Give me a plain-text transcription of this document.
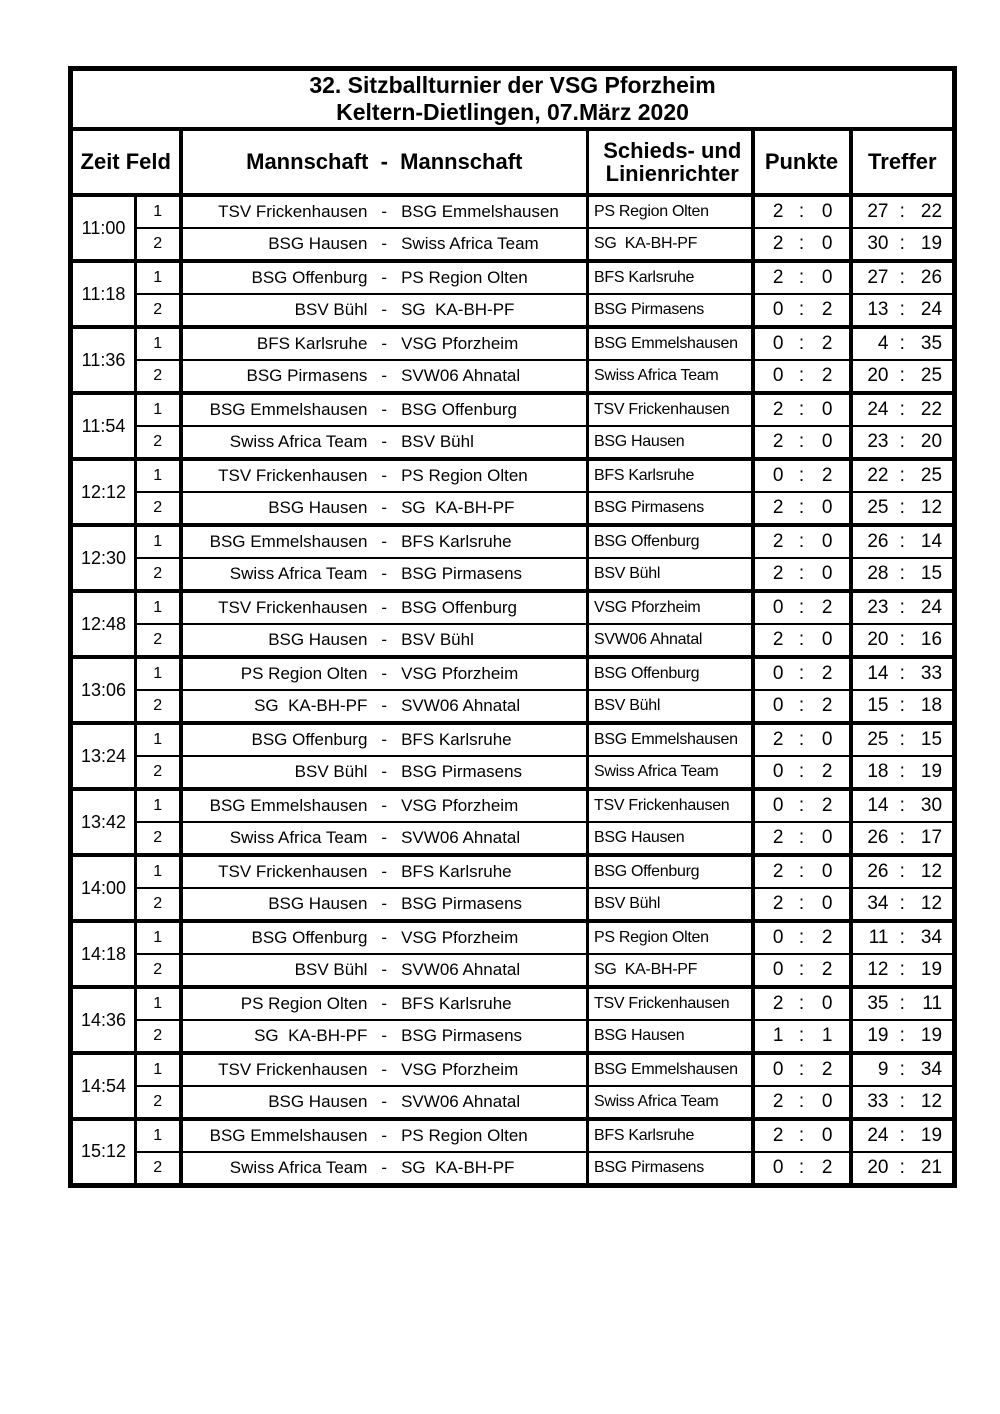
32. Sitzballturnier der VSG Pforzheim
Keltern-Dietlingen, 07.März 2020					
Zeit Feld		Mannschaft  -  Mannschaft	Schieds- und
Linienrichter	Punkte	Treffer
11:00	1	TSV Frickenhausen - BSG Emmelshausen	PS Region Olten	2 : 0	27 : 22

	2	BSG Hausen - Swiss Africa Team	SG  KA-BH-PF	2 : 0	30 : 19

11:18	1	BSG Offenburg - PS Region Olten	BFS Karlsruhe	2 : 0	27 : 26

	2	BSV Bühl - SG  KA-BH-PF	BSG Pirmasens	0 : 2	13 : 24

11:36	1	BFS Karlsruhe - VSG Pforzheim	BSG Emmelshausen	0 : 2	4 : 35

	2	BSG Pirmasens - SVW06 Ahnatal	Swiss Africa Team	0 : 2	20 : 25

11:54	1	BSG Emmelshausen - BSG Offenburg	TSV Frickenhausen	2 : 0	24 : 22

	2	Swiss Africa Team - BSV Bühl	BSG Hausen	2 : 0	23 : 20

12:12	1	TSV Frickenhausen - PS Region Olten	BFS Karlsruhe	0 : 2	22 : 25

	2	BSG Hausen - SG  KA-BH-PF	BSG Pirmasens	2 : 0	25 : 12

12:30	1	BSG Emmelshausen - BFS Karlsruhe	BSG Offenburg	2 : 0	26 : 14

	2	Swiss Africa Team - BSG Pirmasens	BSV Bühl	2 : 0	28 : 15

12:48	1	TSV Frickenhausen - BSG Offenburg	VSG Pforzheim	0 : 2	23 : 24

	2	BSG Hausen - BSV Bühl	SVW06 Ahnatal	2 : 0	20 : 16

13:06	1	PS Region Olten - VSG Pforzheim	BSG Offenburg	0 : 2	14 : 33

	2	SG  KA-BH-PF - SVW06 Ahnatal	BSV Bühl	0 : 2	15 : 18

13:24	1	BSG Offenburg - BFS Karlsruhe	BSG Emmelshausen	2 : 0	25 : 15

	2	BSV Bühl - BSG Pirmasens	Swiss Africa Team	0 : 2	18 : 19

13:42	1	BSG Emmelshausen - VSG Pforzheim	TSV Frickenhausen	0 : 2	14 : 30

	2	Swiss Africa Team - SVW06 Ahnatal	BSG Hausen	2 : 0	26 : 17

14:00	1	TSV Frickenhausen - BFS Karlsruhe	BSG Offenburg	2 : 0	26 : 12

	2	BSG Hausen - BSG Pirmasens	BSV Bühl	2 : 0	34 : 12

14:18	1	BSG Offenburg - VSG Pforzheim	PS Region Olten	0 : 2	11 : 34

	2	BSV Bühl - SVW06 Ahnatal	SG  KA-BH-PF	0 : 2	12 : 19

14:36	1	PS Region Olten - BFS Karlsruhe	TSV Frickenhausen	2 : 0	35 : 11

	2	SG  KA-BH-PF - BSG Pirmasens	BSG Hausen	1 : 1	19 : 19

14:54	1	TSV Frickenhausen - VSG Pforzheim	BSG Emmelshausen	0 : 2	9 : 34

	2	BSG Hausen - SVW06 Ahnatal	Swiss Africa Team	2 : 0	33 : 12

15:12	1	BSG Emmelshausen - PS Region Olten	BFS Karlsruhe	2 : 0	24 : 19

	2	Swiss Africa Team - SG  KA-BH-PF	BSG Pirmasens	0 : 2	20 : 21
